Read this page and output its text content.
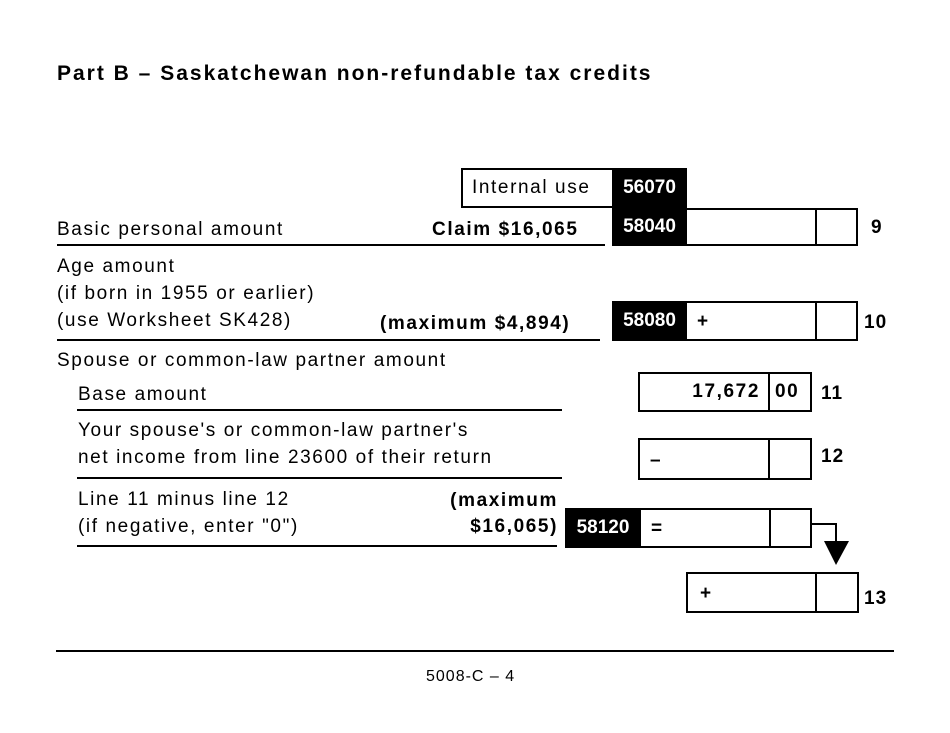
Part B – Saskatchewan non-refundable tax credits
Internal use	56070
Basic personal amount	Claim $16,065	58040	9
Age amount
(if born in 1955 or earlier)
(use Worksheet SK428)	(maximum $4,894)	58080	+	10
Spouse or common-law partner amount
Base amount	17,672 00 11
Your spouse's or common-law partner's
net income from line 23600 of their return	–	12
Line 11 minus line 12
(if negative, enter "0")
(maximum
$16,065) 58120	=
+	13
5008-C – 4
